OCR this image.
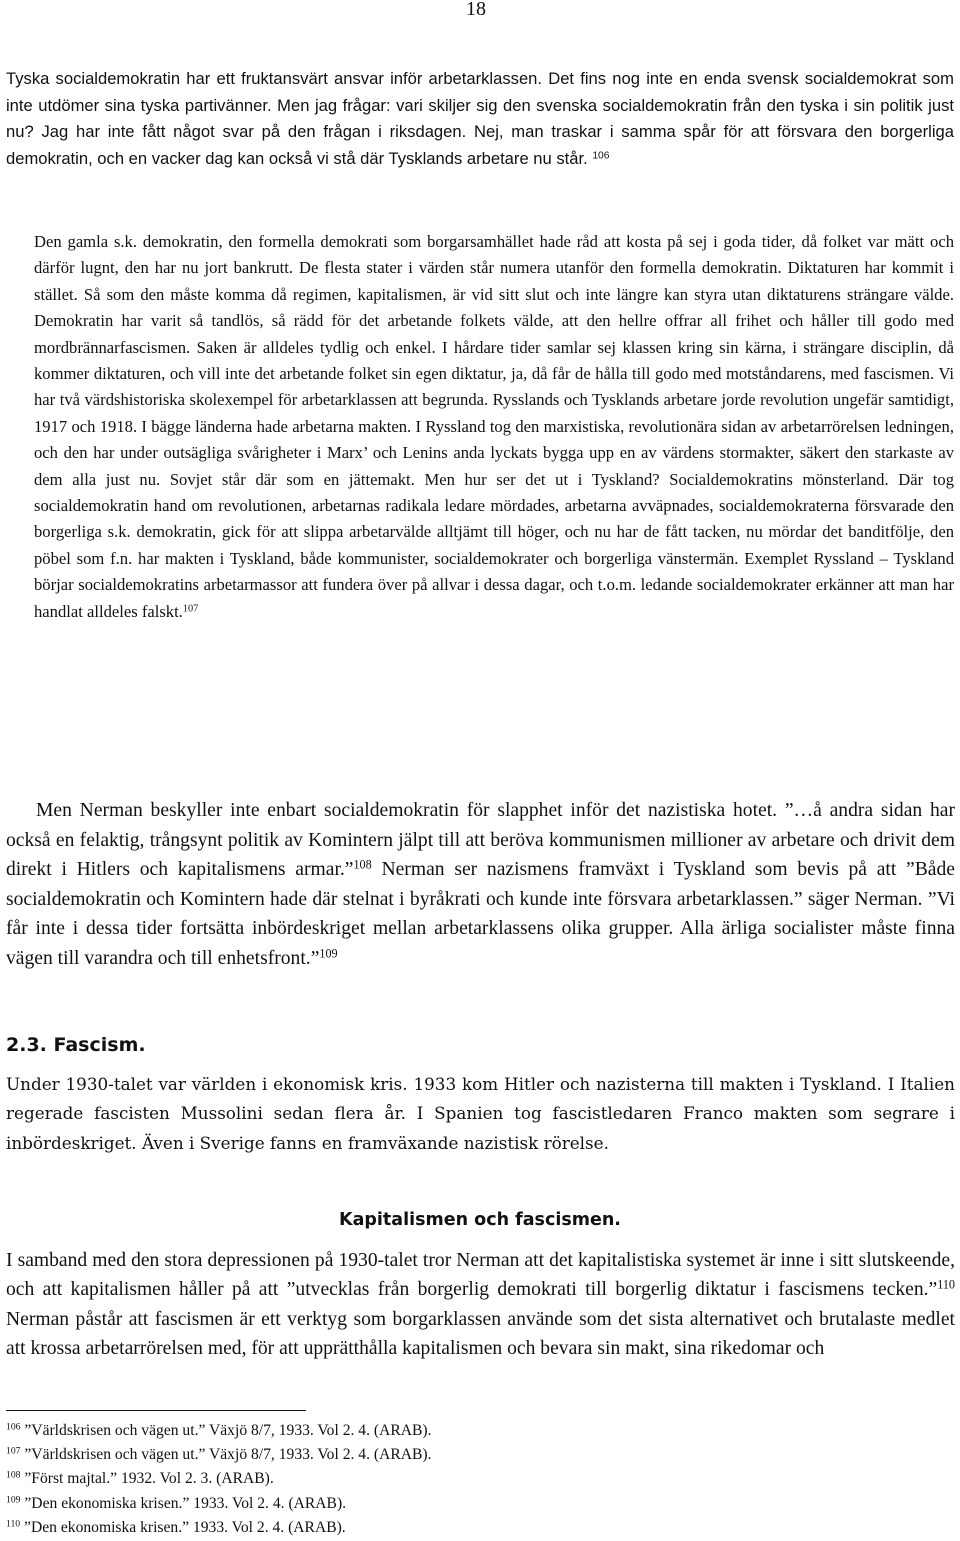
18

Tyska socialdemokratin har ett fruktansvärt ansvar inför arbetarklassen. Det fins nog inte en enda svensk socialdemokrat som inte utdömer sina tyska partivänner. Men jag frågar: vari skiljer sig den svenska socialdemokratin från den tyska i sin politik just nu? Jag har inte fått något svar på den frågan i riksdagen. Nej, man traskar i samma spår för att försvara den borgerliga demokratin, och en vacker dag kan också vi stå där Tysklands arbetare nu står. $^{106}$

Den gamla s.k. demokratin, den formella demokrati som borgarsamhället hade råd att kosta på sej i goda tider, då folket var mätt och därför lugnt, den har nu jort bankrutt. De flesta stater i värden står numera utanför den formella demokratin. Diktaturen har kommit i stället. Så som den måste komma då regimen, kapitalismen, är vid sitt slut och inte längre kan styra utan diktaturens strängare välde. Demokratin har varit så tandlös, så rädd för det arbetande folkets välde, att den hellre offrar all frihet och håller till godo med mordbrännarfascismen. Saken är alldeles tydlig och enkel. I hårdare tider samlar sej klassen kring sin kärna, i strängare disciplin, då kommer diktaturen, och vill inte det arbetande folket sin egen diktatur, ja, då får de hålla till godo med motståndarens, med fascismen. Vi har två värdshistoriska skolexempel för arbetarklassen att begrunda. Rysslands och Tysklands arbetare jorde revolution ungefär samtidigt, 1917 och 1918. I bägge länderna hade arbetarna makten. I Ryssland tog den marxistiska, revolutionära sidan av arbetarrörelsen ledningen, och den har under outsägliga svårigheter i Marx’ och Lenins anda lyckats bygga upp en av värdens stormakter, säkert den starkaste av dem alla just nu. Sovjet står där som en jättemakt. Men hur ser det ut i Tyskland? Socialdemokratins mönsterland. Där tog socialdemokratin hand om revolutionen, arbetarnas radikala ledare mördades, arbetarna avväpnades, socialdemokraterna försvarade den borgerliga s.k. demokratin, gick för att slippa arbetarvälde alltjämt till höger, och nu har de fått tacken, nu mördar det banditfölje, den pöbel som f.n. har makten i Tyskland, både kommunister, socialdemokrater och borgerliga vänstermän. Exemplet Ryssland – Tyskland börjar socialdemokratins arbetarmassor att fundera över på allvar i dessa dagar, och t.o.m. ledande socialdemokrater erkänner att man har handlat alldeles falskt.$^{107}$

Men Nerman beskyller inte enbart socialdemokratin för slapphet inför det nazistiska hotet. ”…å andra sidan har också en felaktig, trångsynt politik av Komintern jälpt till att beröva kommunismen millioner av arbetare och drivit dem direkt i Hitlers och kapitalismens armar.”$^{108}$ Nerman ser nazismens framväxt i Tyskland som bevis på att ”Både socialdemokratin och Komintern hade där stelnat i byråkrati och kunde inte försvara arbetarklassen.” säger Nerman. ”Vi får inte i dessa tider fortsätta inbördeskriget mellan arbetarklassens olika grupper. Alla ärliga socialister måste finna vägen till varandra och till enhetsfront.”$^{109}$

2.3. Fascism.

Under 1930-talet var världen i ekonomisk kris. 1933 kom Hitler och nazisterna till makten i Tyskland. I Italien regerade fascisten Mussolini sedan flera år. I Spanien tog fascistledaren Franco makten som segrare i inbördeskriget. Även i Sverige fanns en framväxande nazistisk rörelse.

Kapitalismen och fascismen.

I samband med den stora depressionen på 1930-talet tror Nerman att det kapitalistiska systemet är inne i sitt slutskeende, och att kapitalismen håller på att ”utvecklas från borgerlig demokrati till borgerlig diktatur i fascismens tecken.”$^{110}$ Nerman påstår att fascismen är ett verktyg som borgarklassen använde som det sista alternativet och brutalaste medlet att krossa arbetarrörelsen med, för att upprätthålla kapitalismen och bevara sin makt, sina rikedomar och

$^{106}$ ”Världskrisen och vägen ut.” Växjö 8/7, 1933. Vol 2. 4. (ARAB).
$^{107}$ ”Världskrisen och vägen ut.” Växjö 8/7, 1933. Vol 2. 4. (ARAB).
$^{108}$ ”Först majtal.” 1932. Vol 2. 3. (ARAB).
$^{109}$ ”Den ekonomiska krisen.” 1933. Vol 2. 4. (ARAB).
$^{110}$ ”Den ekonomiska krisen.” 1933. Vol 2. 4. (ARAB).
